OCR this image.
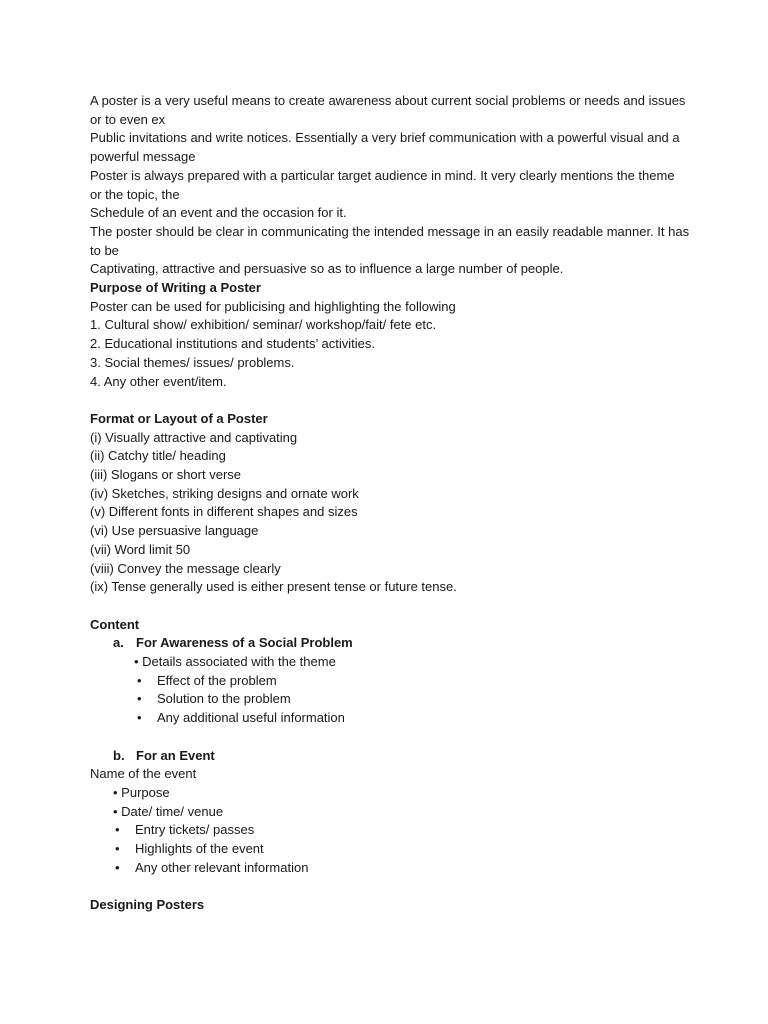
A poster is a very useful means to create awareness about current social problems or needs and issues
or to even ex
Public invitations and write notices. Essentially a very brief communication with a powerful visual and a
powerful message
Poster is always prepared with a particular target audience in mind. It very clearly mentions the theme
or the topic, the
Schedule of an event and the occasion for it.
The poster should be clear in communicating the intended message in an easily readable manner. It has
to be
Captivating, attractive and persuasive so as to influence a large number of people.
Purpose of Writing a Poster
Poster can be used for publicising and highlighting the following
1. Cultural show/ exhibition/ seminar/ workshop/fait/ fete etc.
2. Educational institutions and students’ activities.
3. Social themes/ issues/ problems.
4. Any other event/item.
Format or Layout of a Poster
(i) Visually attractive and captivating
(ii) Catchy title/ heading
(iii) Slogans or short verse
(iv) Sketches, striking designs and ornate work
(v) Different fonts in different shapes and sizes
(vi) Use persuasive language
(vii) Word limit 50
(viii) Convey the message clearly
(ix) Tense generally used is either present tense or future tense.
Content
a. For Awareness of a Social Problem
• Details associated with the theme
• Effect of the problem
• Solution to the problem
• Any additional useful information
b. For an Event
Name of the event
• Purpose
• Date/ time/ venue
• Entry tickets/ passes
• Highlights of the event
• Any other relevant information
Designing Posters
